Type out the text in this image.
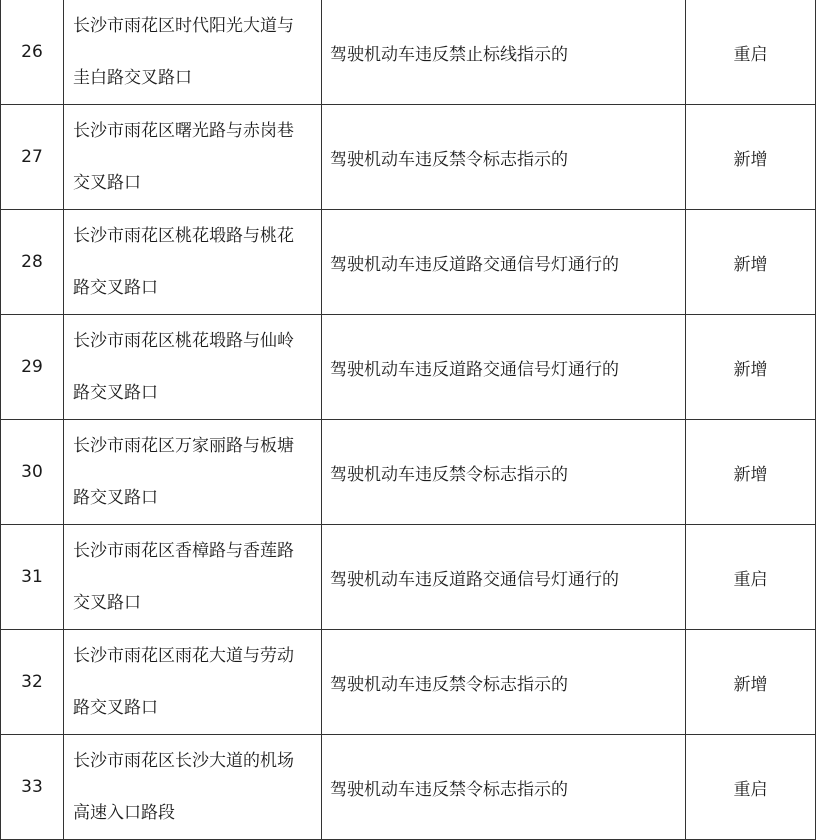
26	长沙市雨花区时代阳光大道与
圭白路交叉路口	驾驶机动车违反禁止标线指示的	重启
27	长沙市雨花区曙光路与赤岗巷
交叉路口	驾驶机动车违反禁令标志指示的	新增
28	长沙市雨花区桃花塅路与桃花
路交叉路口	驾驶机动车违反道路交通信号灯通行的	新增
29	长沙市雨花区桃花塅路与仙岭
路交叉路口	驾驶机动车违反道路交通信号灯通行的	新增
30	长沙市雨花区万家丽路与板塘
路交叉路口	驾驶机动车违反禁令标志指示的	新增
31	长沙市雨花区香樟路与香莲路
交叉路口	驾驶机动车违反道路交通信号灯通行的	重启
32	长沙市雨花区雨花大道与劳动
路交叉路口	驾驶机动车违反禁令标志指示的	新增
33	长沙市雨花区长沙大道的机场
高速入口路段	驾驶机动车违反禁令标志指示的	重启
